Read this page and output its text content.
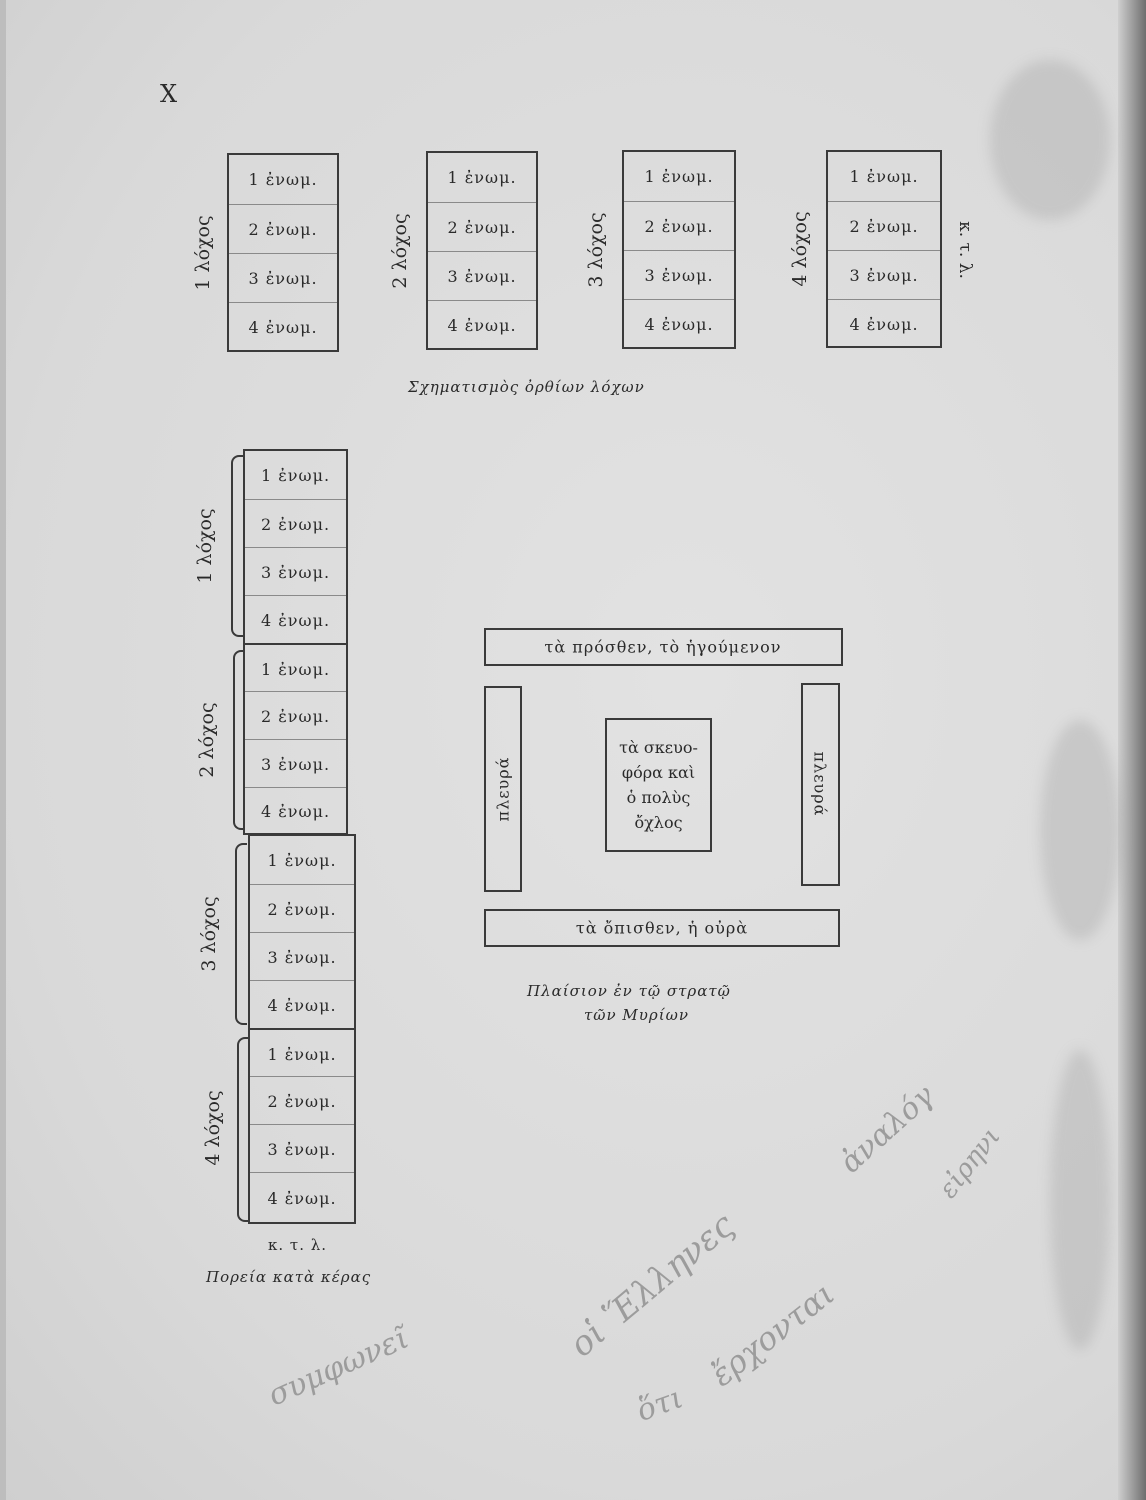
X
1 ἐνωμ.
2 ἐνωμ.
3 ἐνωμ.
4 ἐνωμ.
1 λόχος
1 ἐνωμ.
2 ἐνωμ.
3 ἐνωμ.
4 ἐνωμ.
2 λόχος
1 ἐνωμ.
2 ἐνωμ.
3 ἐνωμ.
4 ἐνωμ.
3 λόχος
1 ἐνωμ.
2 ἐνωμ.
3 ἐνωμ.
4 ἐνωμ.
4 λόχος	κ. τ. λ.
Σχηματισμὸς ὀρθίων λόχων
1 ἐνωμ.
2 ἐνωμ.
3 ἐνωμ.
4 ἐνωμ.
1 ἐνωμ.
2 ἐνωμ.
3 ἐνωμ.
4 ἐνωμ.
1 ἐνωμ.
2 ἐνωμ.
3 ἐνωμ.
4 ἐνωμ.
1 ἐνωμ.
2 ἐνωμ.
3 ἐνωμ.
4 ἐνωμ.
1 λόχος
2 λόχος
3 λόχος
4 λόχος
κ. τ. λ.
Πορεία κατὰ κέρας
τὰ πρόσθεν, τὸ ἡγούμενον
τὰ ὄπισθεν, ἡ οὐρὰ
πλευρά	πλευρά
τὰ σκευο-
φόρα καὶ
ὁ πολὺς
ὄχλος
Πλαίσιον ἐν τῷ στρατῷ
τῶν Μυρίων
συμφωνεῖ
οἱ Ἕλληνες
ἀναλόγ
ὅτι
ἔρχονται
εἰρηνι
